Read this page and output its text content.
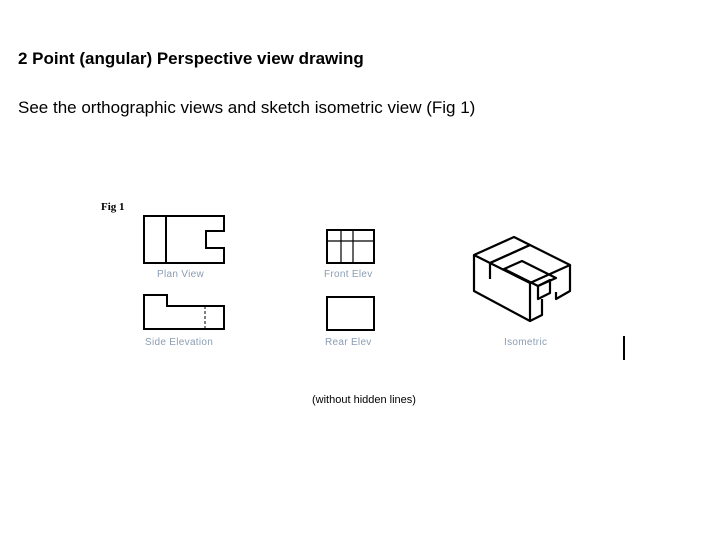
2 Point (angular) Perspective view drawing
See the orthographic views and sketch isometric view (Fig 1)
Fig 1
Plan View	Front Elev
Side Elevation	Rear Elev	Isometric
(without hidden lines)
